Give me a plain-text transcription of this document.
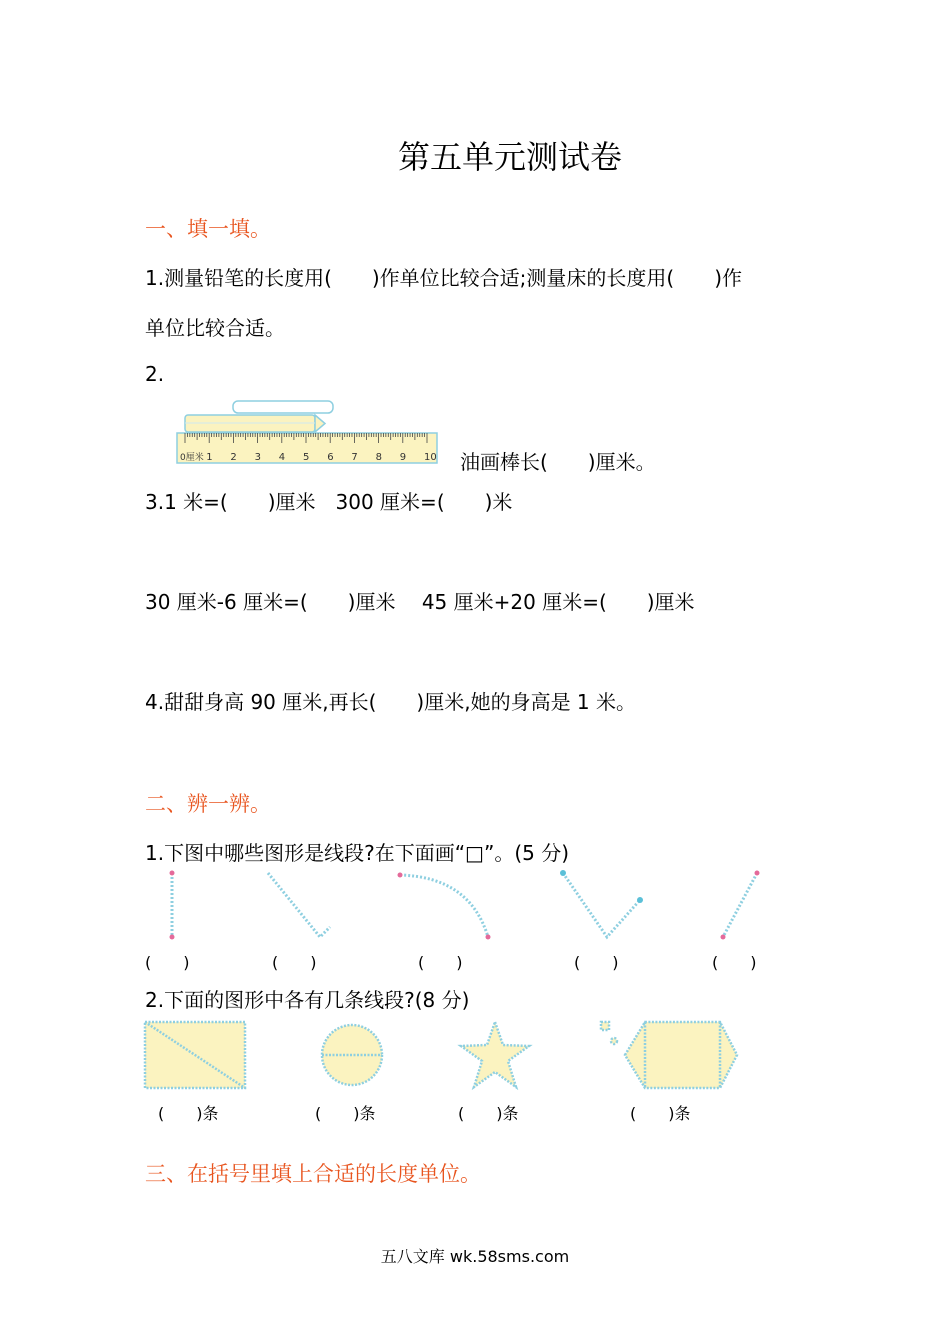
第五单元测试卷
一、填一填。
1.测量铅笔的长度用(　　)作单位比较合适;测量床的长度用(　　)作
单位比较合适。
2.
0厘米 1 2 3 4 5 6 7 8 9 10 油画棒长(　　)厘米。
3.1 米=(　　)厘米　300 厘米=(　　)米
30 厘米-6 厘米=(　　)厘米　 45 厘米+20 厘米=(　　)厘米
4.甜甜身高 90 厘米,再长(　　)厘米,她的身高是 1 米。
二、辨一辨。
1.下图中哪些图形是线段?在下面画“□”。(5 分)
(　　)	(　　)	(　　)	(　　)	(　　)
2.下面的图形中各有几条线段?(8 分)
(　　)条	(　　)条	(　　)条	(　　)条
三、在括号里填上合适的长度单位。
五八文库 wk.58sms.com
